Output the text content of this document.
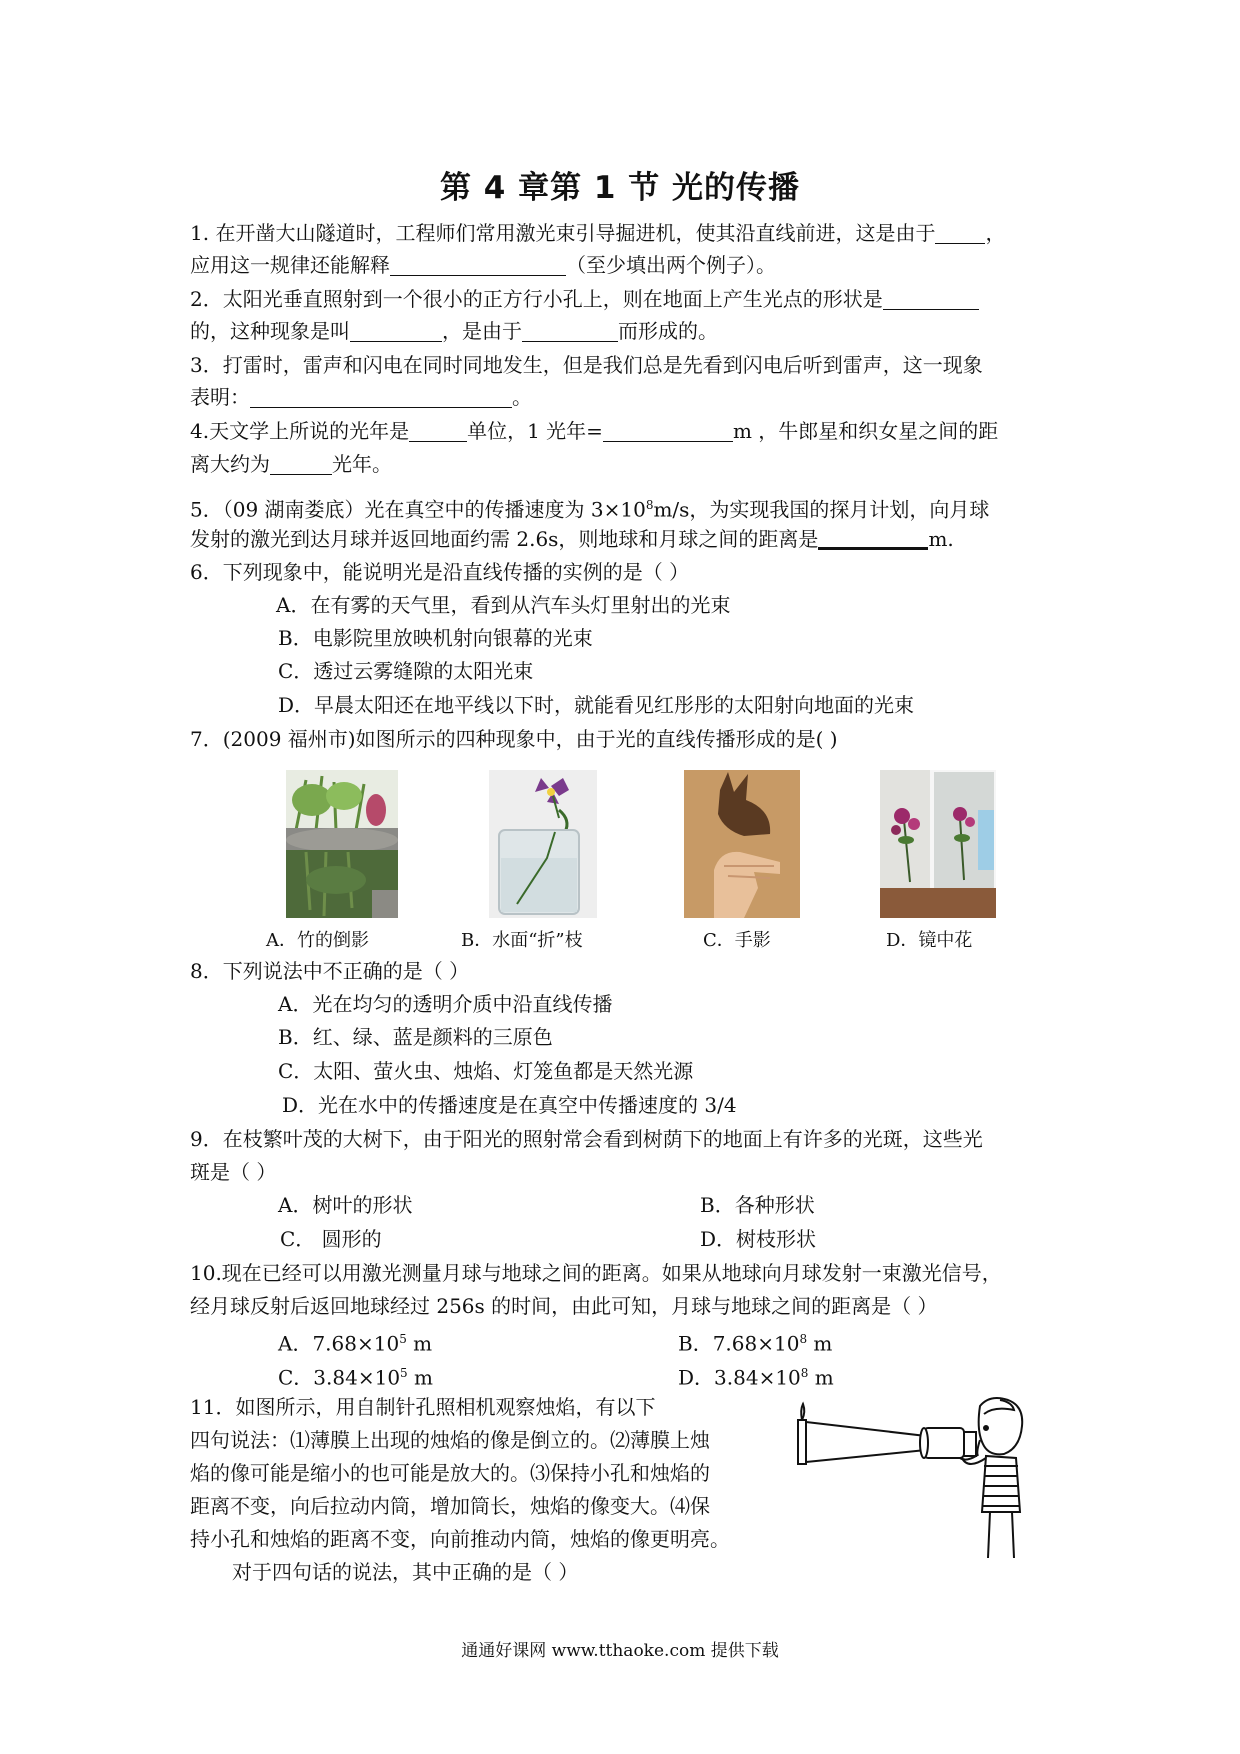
第 4 章第 1 节 光的传播
1. 在开凿大山隧道时，工程师们常用激光束引导掘进机，使其沿直线前进，这是由于	，
应用这一规律还能解释	（至少填出两个例子）。
2．太阳光垂直照射到一个很小的正方行小孔上，则在地面上产生光点的形状是
的，这种现象是叫	，是由于	而形成的。
3．打雷时，雷声和闪电在同时同地发生，但是我们总是先看到闪电后听到雷声，这一现象
表明：	。
4.天文学上所说的光年是	单位，1 光年=	m ，牛郎星和织女星之间的距
离大约为	光年。
5．（09 湖南娄底）光在真空中的传播速度为 $3\times 10^8m/s$，为实现我国的探月计划，向月球
发射的激光到达月球并返回地面约需 2.6s，则地球和月球之间的距离是	m.
6．下列现象中，能说明光是沿直线传播的实例的是（ ）
A．在有雾的天气里，看到从汽车头灯里射出的光束
B．电影院里放映机射向银幕的光束
C．透过云雾缝隙的太阳光束
D．早晨太阳还在地平线以下时，就能看见红彤彤的太阳射向地面的光束
7．(2009 福州市)如图所示的四种现象中，由于光的直线传播形成的是( )
A．竹的倒影	B．水面“折”枝	C．手影	D．镜中花
8．下列说法中不正确的是（ ）
A．光在均匀的透明介质中沿直线传播
B．红、绿、蓝是颜料的三原色
C．太阳、萤火虫、烛焰、灯笼鱼都是天然光源
D．光在水中的传播速度是在真空中传播速度的 3/4
9．在枝繁叶茂的大树下，由于阳光的照射常会看到树荫下的地面上有许多的光斑，这些光
斑是（ ）
A．树叶的形状	B．各种形状
C． 圆形的	D．树枝形状
10.现在已经可以用激光测量月球与地球之间的距离。如果从地球向月球发射一束激光信号，
经月球反射后返回地球经过 256s 的时间，由此可知，月球与地球之间的距离是（ ）
A．$7.68\times 10^5$ m	B．$7.68\times 10^8$ m
C．$3.84\times 10^5$ m	D．$3.84\times 10^8$ m
11．如图所示，用自制针孔照相机观察烛焰，有以下
四句说法：⑴薄膜上出现的烛焰的像是倒立的。⑵薄膜上烛
焰的像可能是缩小的也可能是放大的。⑶保持小孔和烛焰的
距离不变，向后拉动内筒，增加筒长，烛焰的像变大。⑷保
持小孔和烛焰的距离不变，向前推动内筒，烛焰的像更明亮。
对于四句话的说法，其中正确的是（ ）
通通好课网 www.tthaoke.com 提供下载
